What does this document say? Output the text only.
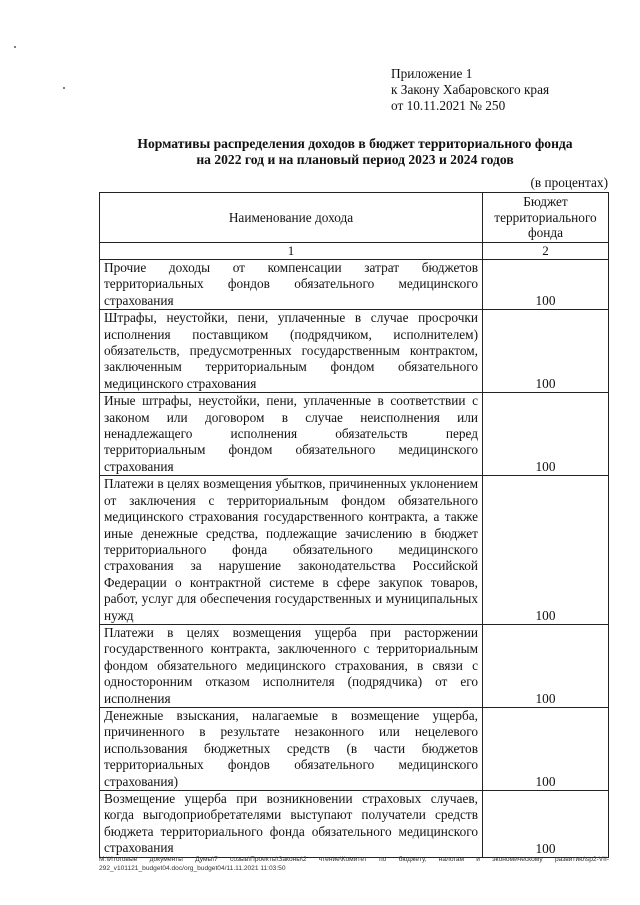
Приложение 1
к Закону Хабаровского края
от 10.11.2021 № 250
Нормативы распределения доходов в бюджет территориального фонда
на 2022 год и на плановый период 2023 и 2024 годов
(в процентах)
Наименование дохода	Бюджет территориального фонда
1	2
Прочие доходы от компенсации затрат бюджетов территориальных фондов обязательного медицинского страхования	100
Штрафы, неустойки, пени, уплаченные в случае просрочки исполнения поставщиком (подрядчиком, исполнителем) обязательств, предусмотренных государственным контрактом, заключенным территориальным фондом обязательного медицинского страхования	100
Иные штрафы, неустойки, пени, уплаченные в соответствии с законом или договором в случае неисполнения или ненадлежащего исполнения обязательств перед территориальным фондом обязательного медицинского страхования	100
Платежи в целях возмещения убытков, причиненных уклонением от заключения с территориальным фондом обязательного медицинского страхования государственного контракта, а также иные денежные средства, подлежащие зачислению в бюджет территориального фонда обязательного медицинского страхования за нарушение законодательства Российской Федерации о контрактной системе в сфере закупок товаров, работ, услуг для обеспечения государственных и муниципальных нужд	100
Платежи в целях возмещения ущерба при расторжении государственного контракта, заключенного с территориальным фондом обязательного медицинского страхования, в связи с односторонним отказом исполнителя (подрядчика) от его исполнения	100
Денежные взыскания, налагаемые в возмещение ущерба, причиненного в результате незаконного или нецелевого использования бюджетных средств (в части бюджетов территориальных фондов обязательного медицинского страхования)	100
Возмещение ущерба при возникновении страховых случаев, когда выгодоприобретателями выступают получатели средств бюджета территориального фонда обязательного медицинского страхования	100
M:\Итоговые документы Думы\7 созыв\Проекты\Законы\2 чтение\Комитет по бюджету, налогам и экономическому развитию\sp2-VII-292_v101121_budget04.doc/org_budget04/11.11.2021 11:03:50
